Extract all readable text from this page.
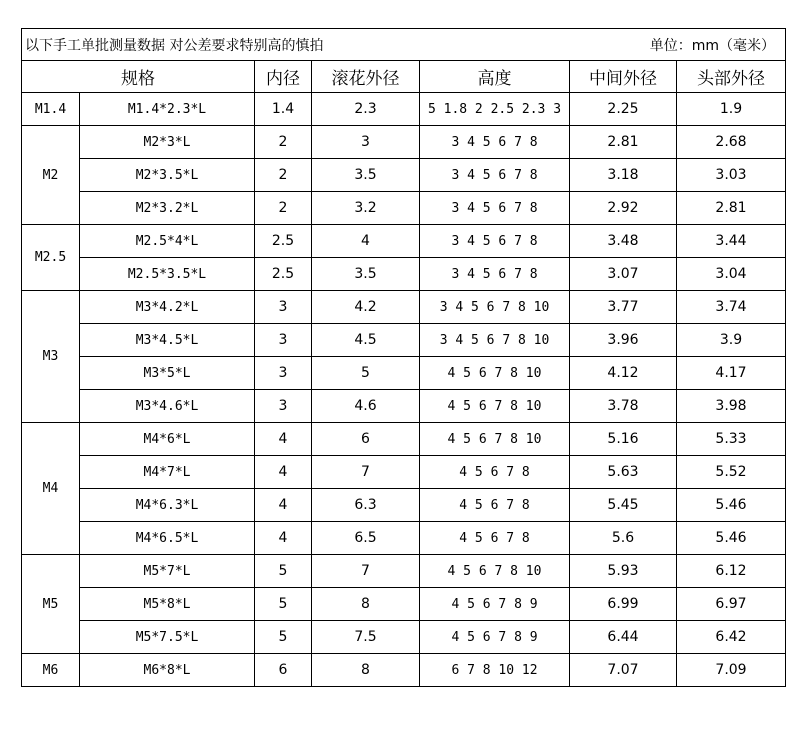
以下手工单批测量数据 对公差要求特别高的慎拍				单位：mm（毫米）		
规格		内径	滚花外径	高度	中间外径	头部外径
M1.4	M1.4*2.3*L	1.4	2.3	5 1.8 2 2.5 2.3 3	2.25	1.9
M2	M2*3*L	2	3	3 4 5 6 7 8	2.81	2.68
	M2*3.5*L	2	3.5	3 4 5 6 7 8	3.18	3.03
	M2*3.2*L	2	3.2	3 4 5 6 7 8	2.92	2.81
M2.5	M2.5*4*L	2.5	4	3 4 5 6 7 8	3.48	3.44
	M2.5*3.5*L	2.5	3.5	3 4 5 6 7 8	3.07	3.04
M3	M3*4.2*L	3	4.2	3 4 5 6 7 8 10	3.77	3.74
	M3*4.5*L	3	4.5	3 4 5 6 7 8 10	3.96	3.9
	M3*5*L	3	5	4 5 6 7 8 10	4.12	4.17
	M3*4.6*L	3	4.6	4 5 6 7 8 10	3.78	3.98
M4	M4*6*L	4	6	4 5 6 7 8 10	5.16	5.33
	M4*7*L	4	7	4 5 6 7 8	5.63	5.52
	M4*6.3*L	4	6.3	4 5 6 7 8	5.45	5.46
	M4*6.5*L	4	6.5	4 5 6 7 8	5.6	5.46
M5	M5*7*L	5	7	4 5 6 7 8 10	5.93	6.12
	M5*8*L	5	8	4 5 6 7 8 9	6.99	6.97
	M5*7.5*L	5	7.5	4 5 6 7 8 9	6.44	6.42
M6	M6*8*L	6	8	6 7 8 10 12	7.07	7.09
